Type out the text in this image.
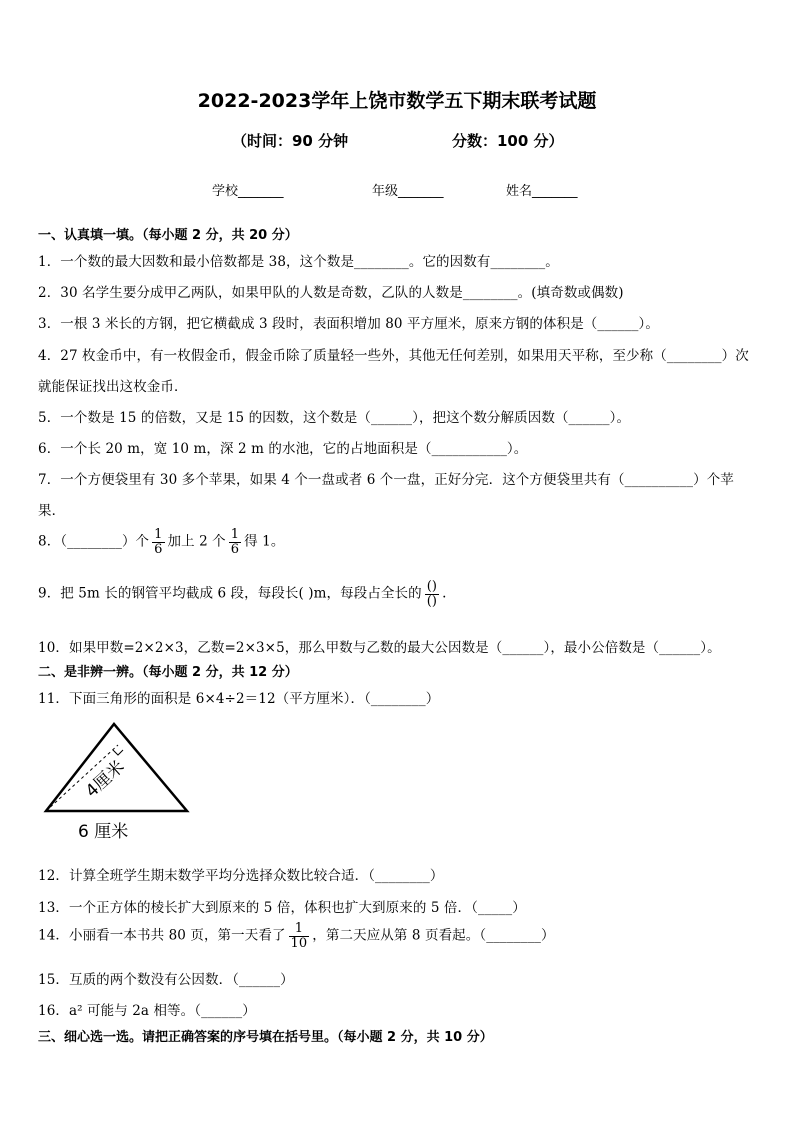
2022-2023学年上饶市数学五下期末联考试题
（时间：90 分钟	分数：100 分）
学校_______	年级_______	姓名_______
一、认真填一填。（每小题 2 分，共 20 分）
1．一个数的最大因数和最小倍数都是 38，这个数是________。它的因数有________。
2．30 名学生要分成甲乙两队，如果甲队的人数是奇数，乙队的人数是________。(填奇数或偶数)
3．一根 3 米长的方钢，把它横截成 3 段时，表面积增加 80 平方厘米，原来方钢的体积是（______）。
4．27 枚金币中，有一枚假金币，假金币除了质量轻一些外，其他无任何差别，如果用天平称，至少称（________）次
就能保证找出这枚金币．
5．一个数是 15 的倍数，又是 15 的因数，这个数是（______），把这个数分解质因数（______）。
6．一个长 20 m，宽 10 m，深 2 m 的水池，它的占地面积是（___________）。
7．一个方便袋里有 30 多个苹果，如果 4 个一盘或者 6 个一盘，正好分完．这个方便袋里共有（__________）个苹
果．
8．（________）个 $\frac{1}{6}$ 加上 2 个 $\frac{1}{6}$ 得 1。
9．把 5m 长的钢管平均截成 6 段，每段长( )m，每段占全长的 $\frac{()}{()}$ .
10．如果甲数=2×2×3，乙数=2×3×5，那么甲数与乙数的最大公因数是（______），最小公倍数是（______）。
二、是非辨一辨。（每小题 2 分，共 12 分）
11．下面三角形的面积是 6×4÷2＝12（平方厘米）．（________）
4厘米
6 厘米
12．计算全班学生期末数学平均分选择众数比较合适．（________）
13．一个正方体的棱长扩大到原来的 5 倍，体积也扩大到原来的 5 倍．（_____）
14．小丽看一本书共 80 页，第一天看了 $\frac{1}{10}$ ，第二天应从第 8 页看起。（________）
15．互质的两个数没有公因数．（______）
16．a² 可能与 2a 相等。（______）
三、细心选一选。请把正确答案的序号填在括号里。（每小题 2 分，共 10 分）
